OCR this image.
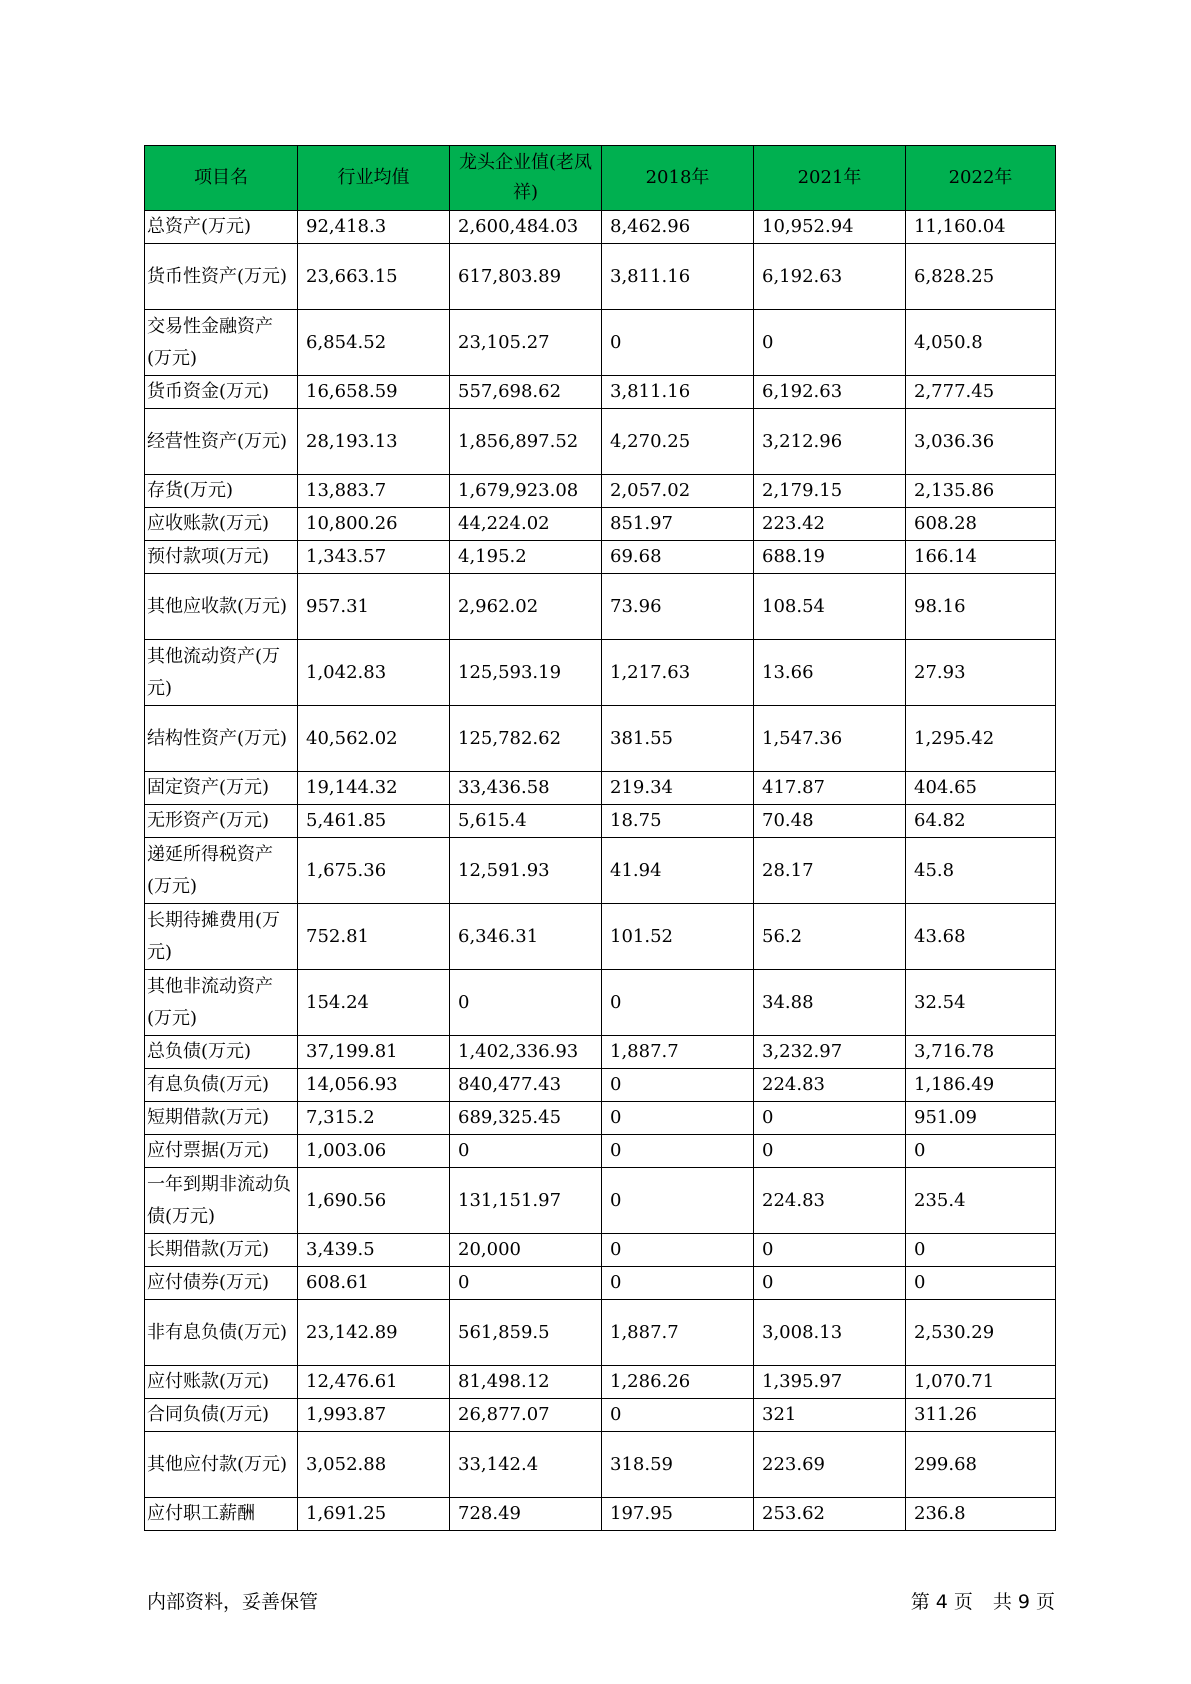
项目名	行业均值	龙头企业值(老凤祥)	2018年	2021年	2022年
总资产(万元)	92,418.3	2,600,484.03	8,462.96	10,952.94	11,160.04
货币性资产(万元)	23,663.15	617,803.89	3,811.16	6,192.63	6,828.25
交易性金融资产(万元)	6,854.52	23,105.27	0	0	4,050.8
货币资金(万元)	16,658.59	557,698.62	3,811.16	6,192.63	2,777.45
经营性资产(万元)	28,193.13	1,856,897.52	4,270.25	3,212.96	3,036.36
存货(万元)	13,883.7	1,679,923.08	2,057.02	2,179.15	2,135.86
应收账款(万元)	10,800.26	44,224.02	851.97	223.42	608.28
预付款项(万元)	1,343.57	4,195.2	69.68	688.19	166.14
其他应收款(万元)	957.31	2,962.02	73.96	108.54	98.16
其他流动资产(万元)	1,042.83	125,593.19	1,217.63	13.66	27.93
结构性资产(万元)	40,562.02	125,782.62	381.55	1,547.36	1,295.42
固定资产(万元)	19,144.32	33,436.58	219.34	417.87	404.65
无形资产(万元)	5,461.85	5,615.4	18.75	70.48	64.82
递延所得税资产(万元)	1,675.36	12,591.93	41.94	28.17	45.8
长期待摊费用(万元)	752.81	6,346.31	101.52	56.2	43.68
其他非流动资产(万元)	154.24	0	0	34.88	32.54
总负债(万元)	37,199.81	1,402,336.93	1,887.7	3,232.97	3,716.78
有息负债(万元)	14,056.93	840,477.43	0	224.83	1,186.49
短期借款(万元)	7,315.2	689,325.45	0	0	951.09
应付票据(万元)	1,003.06	0	0	0	0
一年到期非流动负债(万元)	1,690.56	131,151.97	0	224.83	235.4
长期借款(万元)	3,439.5	20,000	0	0	0
应付债券(万元)	608.61	0	0	0	0
非有息负债(万元)	23,142.89	561,859.5	1,887.7	3,008.13	2,530.29
应付账款(万元)	12,476.61	81,498.12	1,286.26	1,395.97	1,070.71
合同负债(万元)	1,993.87	26,877.07	0	321	311.26
其他应付款(万元)	3,052.88	33,142.4	318.59	223.69	299.68
应付职工薪酬	1,691.25	728.49	197.95	253.62	236.8
内部资料，妥善保管	第 4 页 共 9 页
